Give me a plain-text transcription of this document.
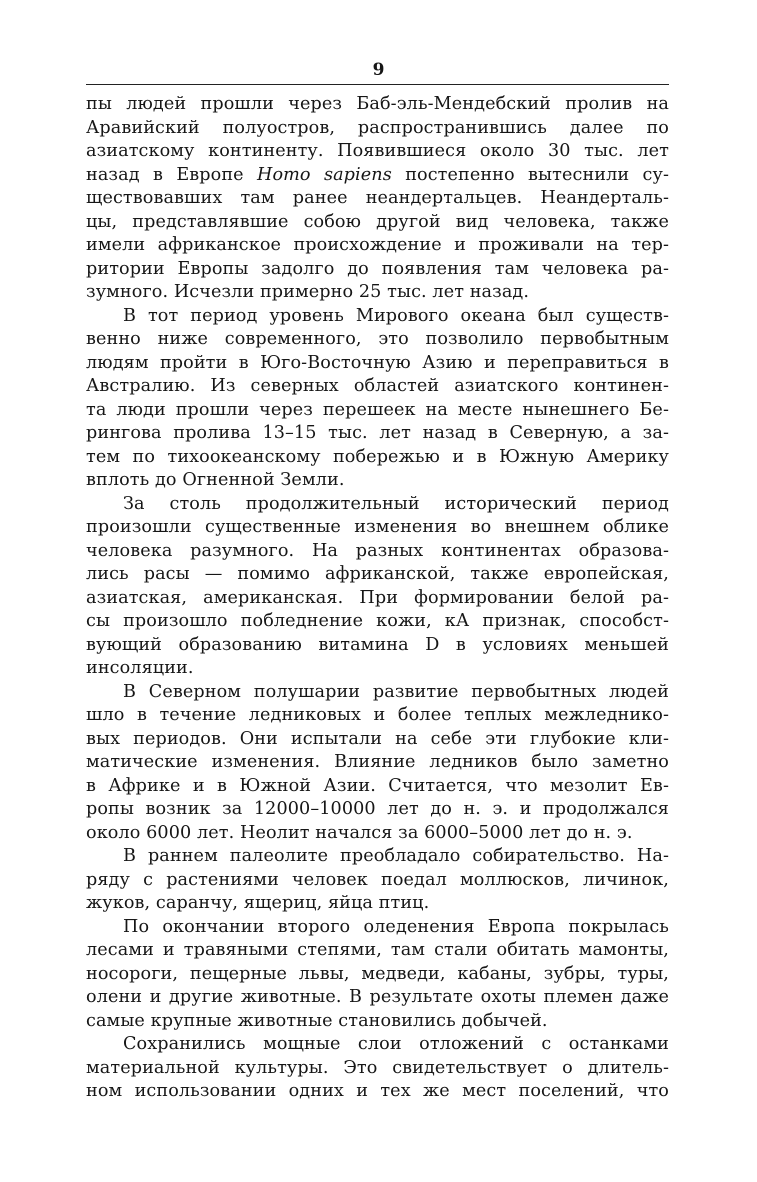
9
пы людей прошли через Баб-эль-Мендебский пролив на
Аравийский полуостров, распространившись далее по
азиатскому континенту. Появившиеся около 30 тыс. лет
назад в Европе Homo sapiens постепенно вытеснили су-
ществовавших там ранее неандертальцев. Неандерталь-
цы, представлявшие собою другой вид человека, также
имели африканское происхождение и проживали на тер-
ритории Европы задолго до появления там человека ра-
зумного. Исчезли примерно 25 тыс. лет назад.
В тот период уровень Мирового океана был существ-
венно ниже современного, это позволило первобытным
людям пройти в Юго-Восточную Азию и переправиться в
Австралию. Из северных областей азиатского континен-
та люди прошли через перешеек на месте нынешнего Бе-
рингова пролива 13–15 тыс. лет назад в Северную, а за-
тем по тихоокеанскому побережью и в Южную Америку
вплоть до Огненной Земли.
За столь продолжительный исторический период
произошли существенные изменения во внешнем облике
человека разумного. На разных континентах образова-
лись расы — помимо африканской, также европейская,
азиатская, американская. При формировании белой ра-
сы произошло побледнение кожи, кА признак, способст-
вующий образованию витамина D в условиях меньшей
инсоляции.
В Северном полушарии развитие первобытных людей
шло в течение ледниковых и более теплых межледнико-
вых периодов. Они испытали на себе эти глубокие кли-
матические изменения. Влияние ледников было заметно
в Африке и в Южной Азии. Считается, что мезолит Ев-
ропы возник за 12000–10000 лет до н. э. и продолжался
около 6000 лет. Неолит начался за 6000–5000 лет до н. э.
В раннем палеолите преобладало собирательство. На-
ряду с растениями человек поедал моллюсков, личинок,
жуков, саранчу, ящериц, яйца птиц.
По окончании второго оледенения Европа покрылась
лесами и травяными степями, там стали обитать мамонты,
носороги, пещерные львы, медведи, кабаны, зубры, туры,
олени и другие животные. В результате охоты племен даже
самые крупные животные становились добычей.
Сохранились мощные слои отложений с останками
материальной культуры. Это свидетельствует о длитель-
ном использовании одних и тех же мест поселений, что
